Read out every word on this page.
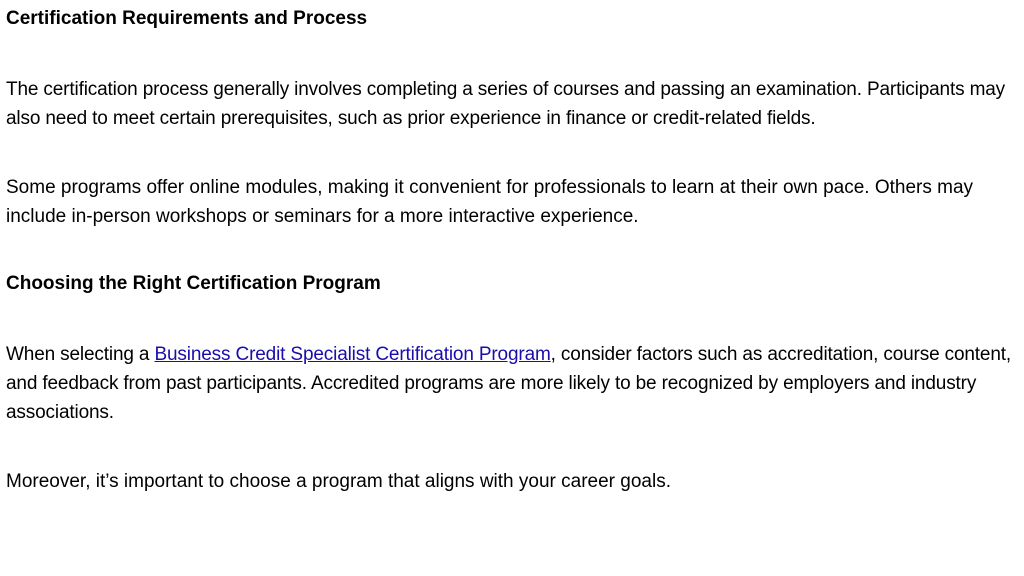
Certification Requirements and Process

The certification process generally involves completing a series of courses and passing an examination. Participants may also need to meet certain prerequisites, such as prior experience in finance or credit-related fields.

Some programs offer online modules, making it convenient for professionals to learn at their own pace. Others may include in-person workshops or seminars for a more interactive experience.

Choosing the Right Certification Program

When selecting a Business Credit Specialist Certification Program, consider factors such as accreditation, course content, and feedback from past participants. Accredited programs are more likely to be recognized by employers and industry associations.

Moreover, it’s important to choose a program that aligns with your career goals.
